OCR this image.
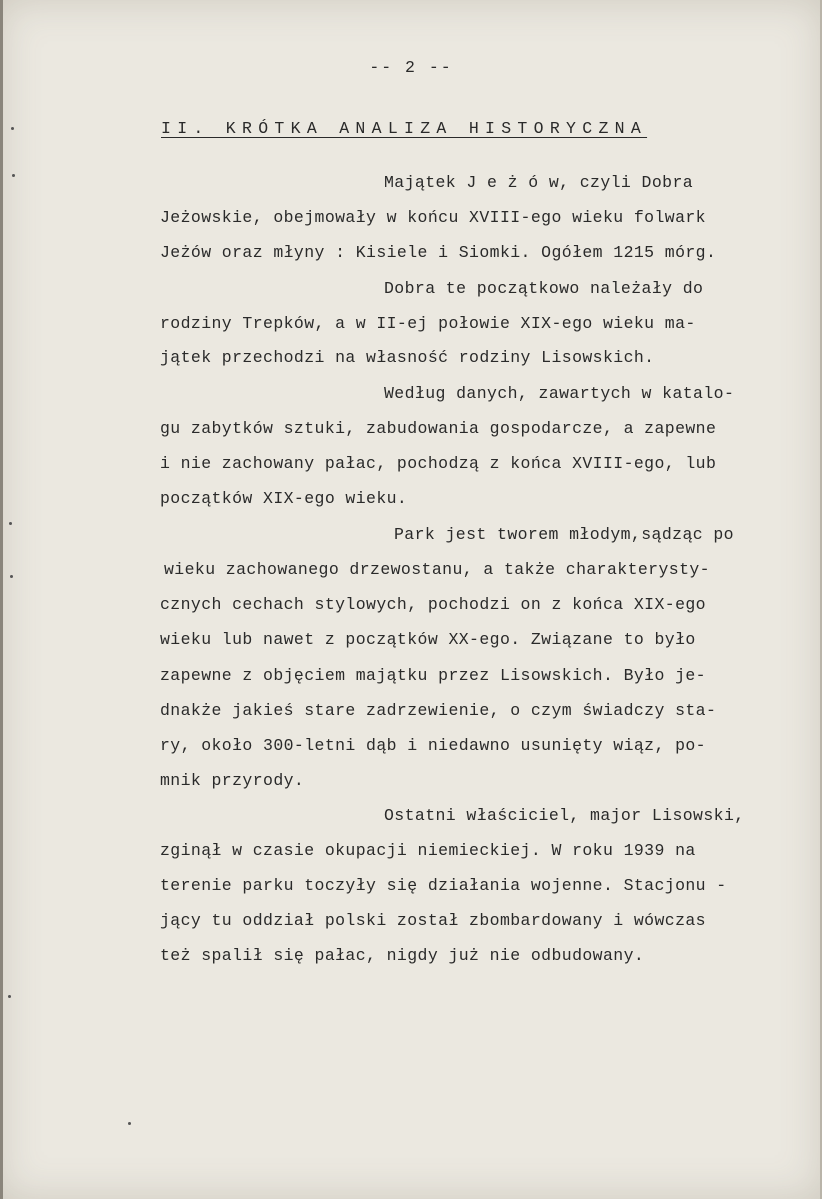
-- 2 --
II. KRÓTKA ANALIZA HISTORYCZNA
Majątek J e ż ó w, czyli Dobra
Jeżowskie, obejmowały w końcu XVIII-ego wieku folwark
Jeżów oraz młyny : Kisiele i Siomki. Ogółem 1215 mórg.
Dobra te początkowo należały do
rodziny Trepków, a w II-ej połowie XIX-ego wieku ma-
jątek przechodzi na własność rodziny Lisowskich.
Według danych, zawartych w katalo-
gu zabytków sztuki, zabudowania gospodarcze, a zapewne
i nie zachowany pałac, pochodzą z końca XVIII-ego, lub
początków XIX-ego wieku.
Park jest tworem młodym,sądząc po
wieku zachowanego drzewostanu, a także charakterysty-
cznych cechach stylowych, pochodzi on z końca XIX-ego
wieku lub nawet z początków XX-ego. Związane to było
zapewne z objęciem majątku przez Lisowskich. Było je-
dnakże jakieś stare zadrzewienie, o czym świadczy sta-
ry, około 300-letni dąb i niedawno usunięty wiąz, po-
mnik przyrody.
Ostatni właściciel, major Lisowski,
zginął w czasie okupacji niemieckiej. W roku 1939 na
terenie parku toczyły się działania wojenne. Stacjonu -
jący tu oddział polski został zbombardowany i wówczas
też spalił się pałac, nigdy już nie odbudowany.
